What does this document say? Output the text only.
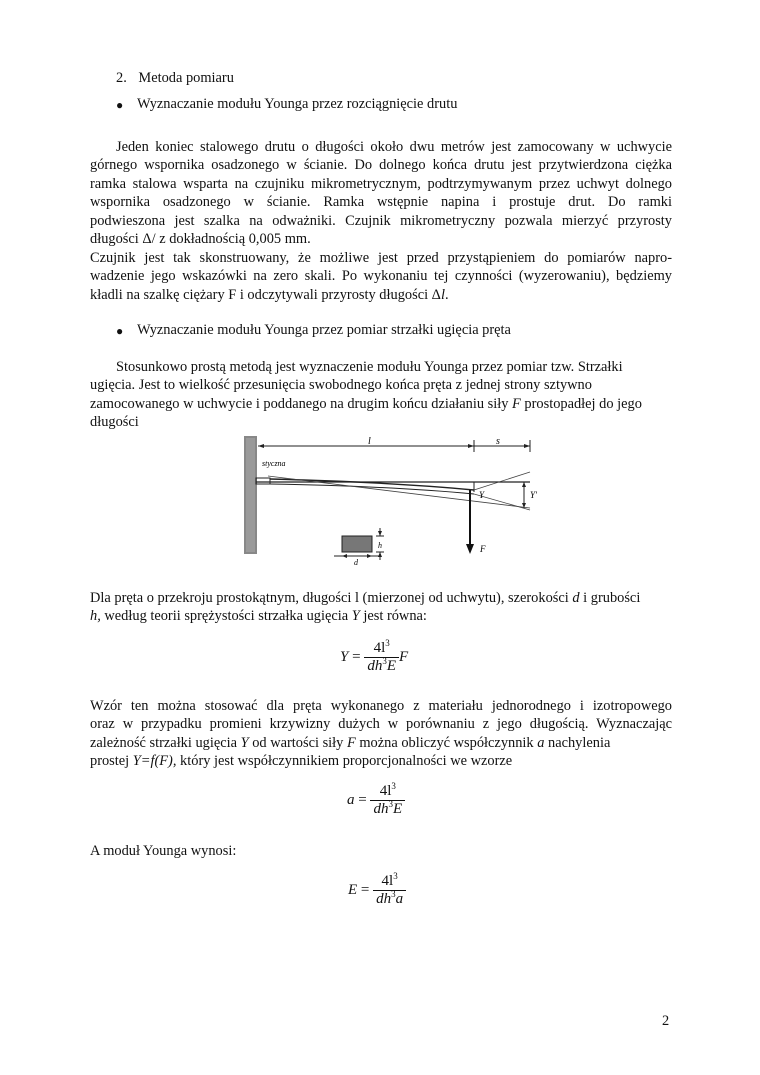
2. Metoda pomiaru
● Wyznaczanie modułu Younga przez rozciągnięcie drutu
Jeden koniec stalowego drutu o długości około dwu metrów jest zamocowany w uchwycie
górnego wspornika osadzonego w ścianie. Do dolnego końca drutu jest przytwierdzona ciężka
ramka stalowa wsparta na czujniku mikrometrycznym, podtrzymywanym przez uchwyt dolnego
wspornika osadzonego w ścianie. Ramka wstępnie napina i prostuje drut. Do ramki
podwieszona jest szalka na odważniki. Czujnik mikrometryczny pozwala mierzyć przyrosty
długości Δ/ z dokładnością 0,005 mm.
Czujnik jest tak skonstruowany, że możliwe jest przed przystąpieniem do pomiarów napro-
wadzenie jego wskazówki na zero skali. Po wykonaniu tej czynności (wyzerowaniu), będziemy
kładli na szalkę ciężary F i odczytywali przyrosty długości Δl.
● Wyznaczanie modułu Younga przez pomiar strzałki ugięcia pręta
Stosunkowo prostą metodą jest wyznaczenie modułu Younga przez pomiar tzw. Strzałki
ugięcia. Jest to wielkość przesunięcia swobodnego końca pręta z jednej strony sztywno
zamocowanego w uchwycie i poddanego na drugim końcu działaniu siły F prostopadłej do jego
długości
l	s
styczna
Y	Y'
F
h
d
Dla pręta o przekroju prostokątnym, długości l (mierzonej od uchwytu), szerokości d i grubości
h, według teorii sprężystości strzałka ugięcia Y jest równa:
$Y = \frac{4l^3}{dh^3E}$ F
Wzór ten można stosować dla pręta wykonanego z materiału jednorodnego i izotropowego
oraz w przypadku promieni krzywizny dużych w porównaniu z jego długością. Wyznaczając
zależność strzałki ugięcia Y od wartości siły F można obliczyć współczynnik a nachylenia
prostej Y=f(F), który jest współczynnikiem proporcjonalności we wzorze
$a = \frac{4l^3}{dh^3E}$
A moduł Younga wynosi:
$E = \frac{4l^3}{dh^3a}$
2
